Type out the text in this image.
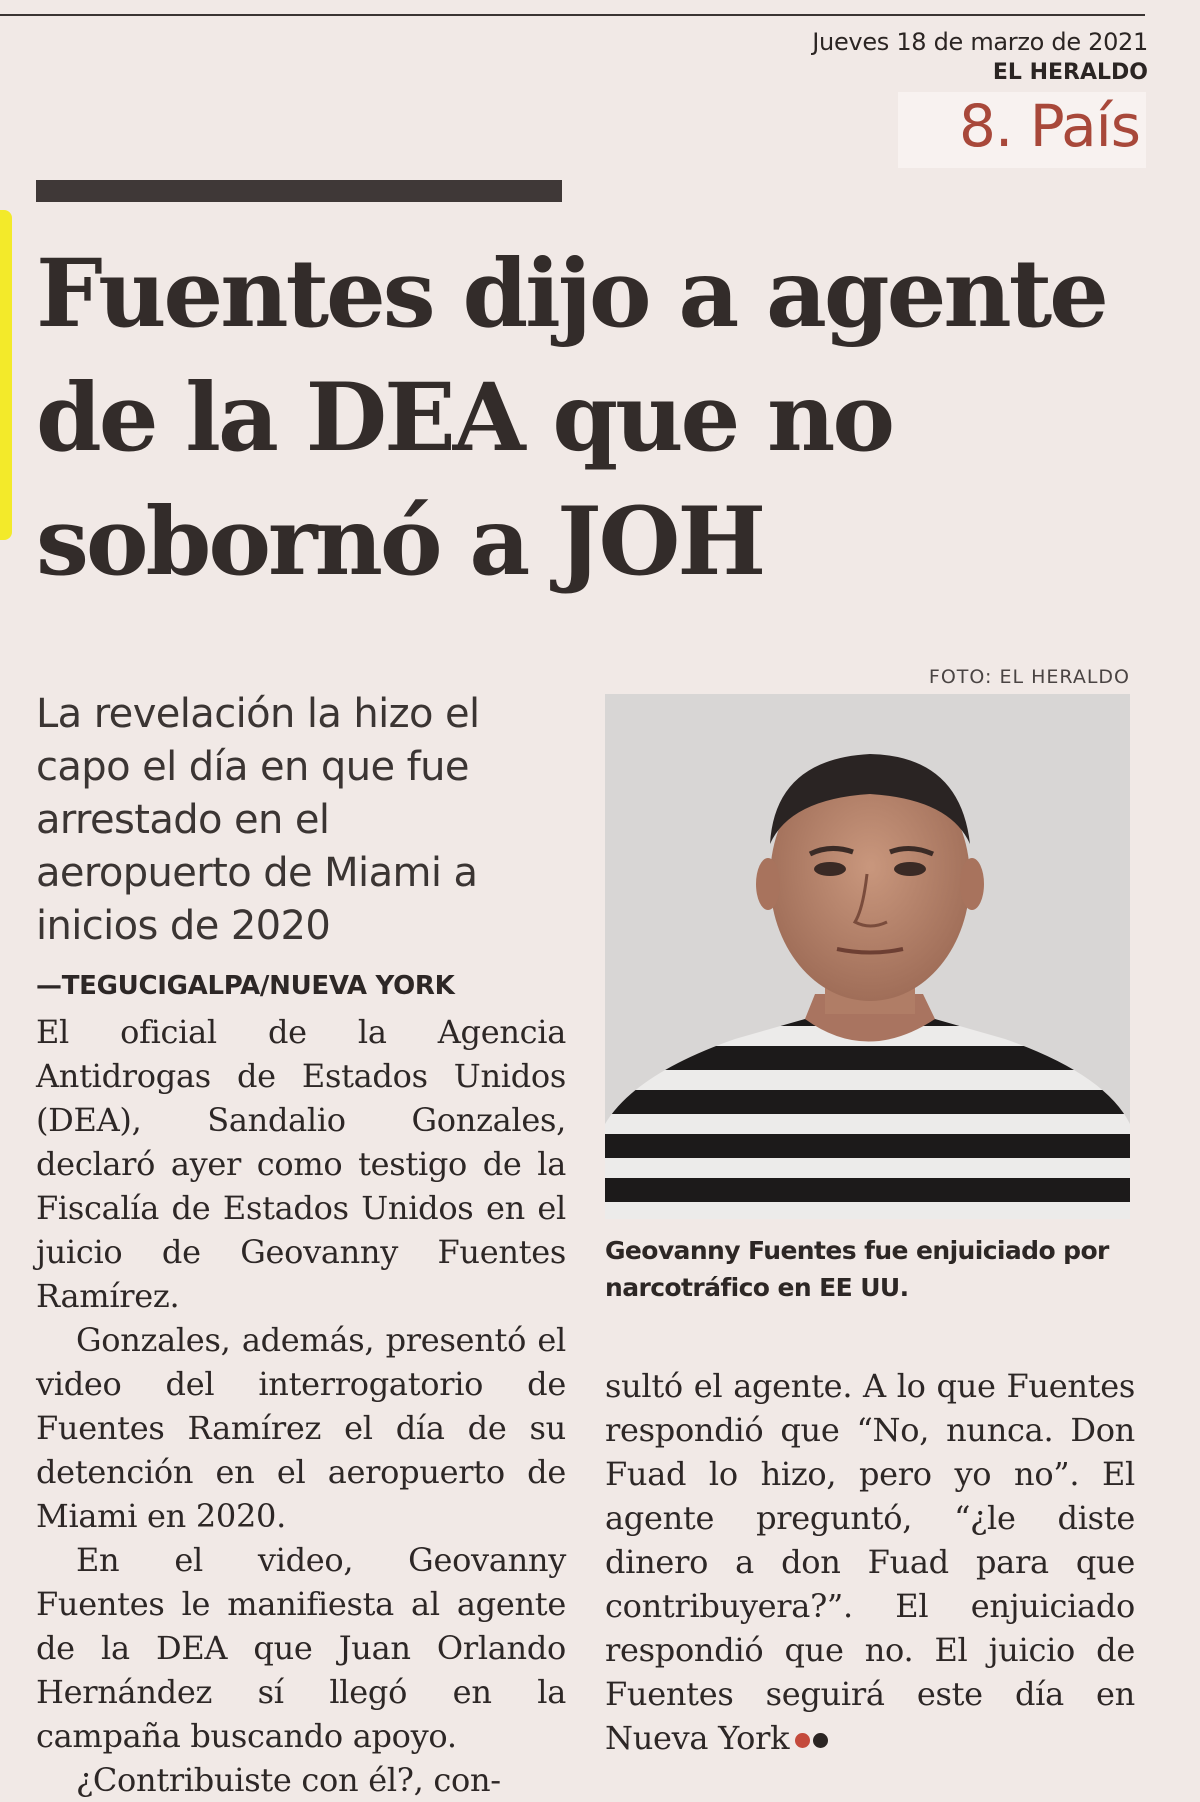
Jueves 18 de marzo de 2021
EL HERALDO
8. País
Fuentes dijo a agente de la DEA que no sobornó a JOH
FOTO: EL HERALDO

La revelación la hizo el capo el día en que fue arrestado en el aeropuerto de Miami a inicios de 2020

Geovanny Fuentes fue enjuiciado por narcotráfico en EE UU.
—TEGUCIGALPA/NUEVA YORK
El oficial de la Agencia Antidrogas de Estados Unidos (DEA), Sandalio Gonzales, declaró ayer como testigo de la Fiscalía de Estados Unidos en el juicio de Geovanny Fuentes Ramírez.
Gonzales, además, presentó el video del interrogatorio de Fuentes Ramírez el día de su detención en el aeropuerto de Miami en 2020.
En el video, Geovanny Fuentes le manifiesta al agente de la DEA que Juan Orlando Hernández sí llegó en la campaña buscando apoyo.
¿Contribuiste con él?, con-
sultó el agente. A lo que Fuentes respondió que “No, nunca. Don Fuad lo hizo, pero yo no”. El agente preguntó, “¿le diste dinero a don Fuad para que contribuyera?”. El enjuiciado respondió que no. El juicio de Fuentes seguirá este día en Nueva York
